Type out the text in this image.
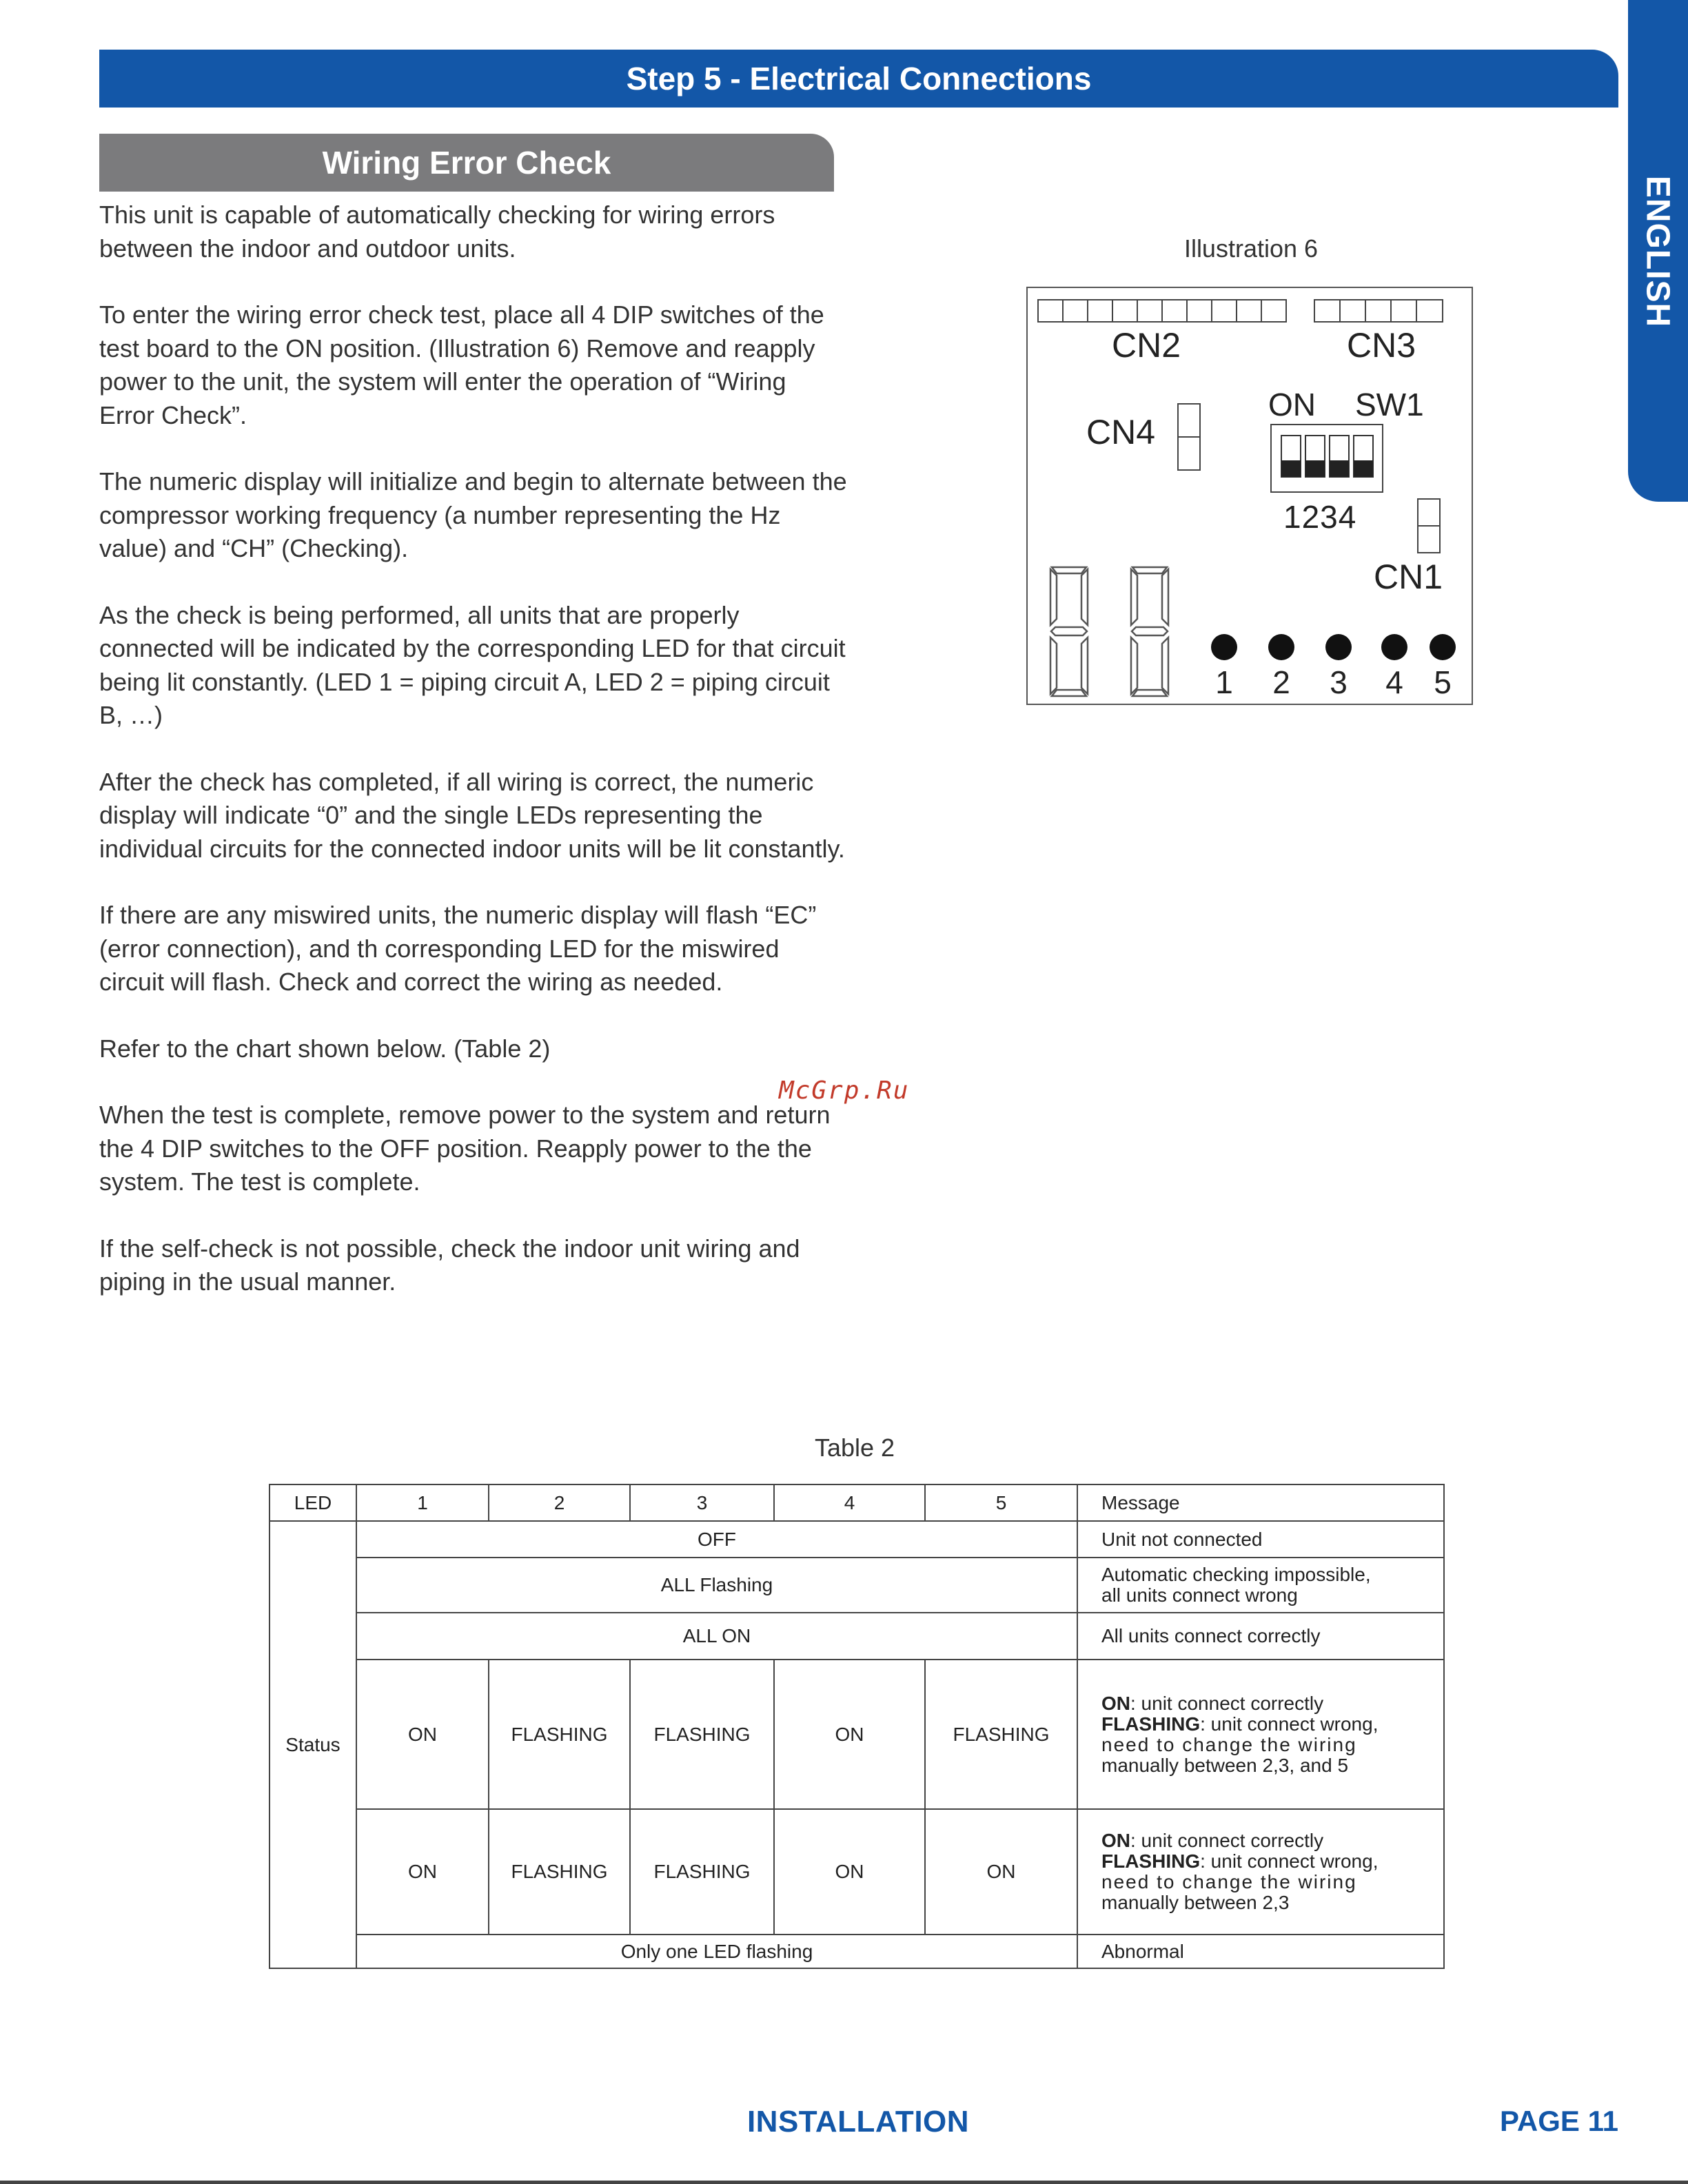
ENGLISH
Step 5 - Electrical Connections
Wiring Error Check

This unit is capable of automatically checking for wiring errors between the indoor and outdoor units.

To enter the wiring error check test, place all 4 DIP switches of the test board to the ON position. (Illustration 6) Remove and reapply power to the unit, the system will enter the operation of “Wiring Error Check”.

The numeric display will initialize and begin to alternate between the compressor working frequency (a number representing the Hz value) and “CH” (Checking).

As the check is being performed, all units that are properly connected will be indicated by the corresponding LED for that circuit being lit constantly. (LED 1 = piping circuit A, LED 2 = piping circuit B, …)

After the check has completed, if all wiring is correct, the numeric display will indicate “0” and the single LEDs representing the individual circuits for the connected indoor units will be lit constantly.

If there are any miswired units, the numeric display will flash “EC” (error connection), and th corresponding LED for the miswired circuit will flash. Check and correct the wiring as needed.

Refer to the chart shown below. (Table 2)

When the test is complete, remove power to the system and return the 4 DIP switches to the OFF position. Reapply power to the the system. The test is complete.

If the self-check is not possible, check the indoor unit wiring and piping in the usual manner.

McGrp.Ru
Illustration 6
CN2	CN3
CN4
CN1
ON SW1
1234
1 2 3 4 5
Table 2
LED	1	2	3	4	5	Message
Status	OFF					Unit not connected
	ALL Flashing					Automatic checking impossible,
all units connect wrong

	ALL ON					All units connect correctly
	ON	FLASHING	FLASHING	ON	FLASHING	ON: unit connect correctly
FLASHING: unit connect wrong,
need to change the wiring
manually between 2,3, and 5

	ON	FLASHING	FLASHING	ON	ON	ON: unit connect correctly
FLASHING: unit connect wrong,
need to change the wiring
manually between 2,3

	Only one LED flashing					Abnormal
INSTALLATION	PAGE 11
